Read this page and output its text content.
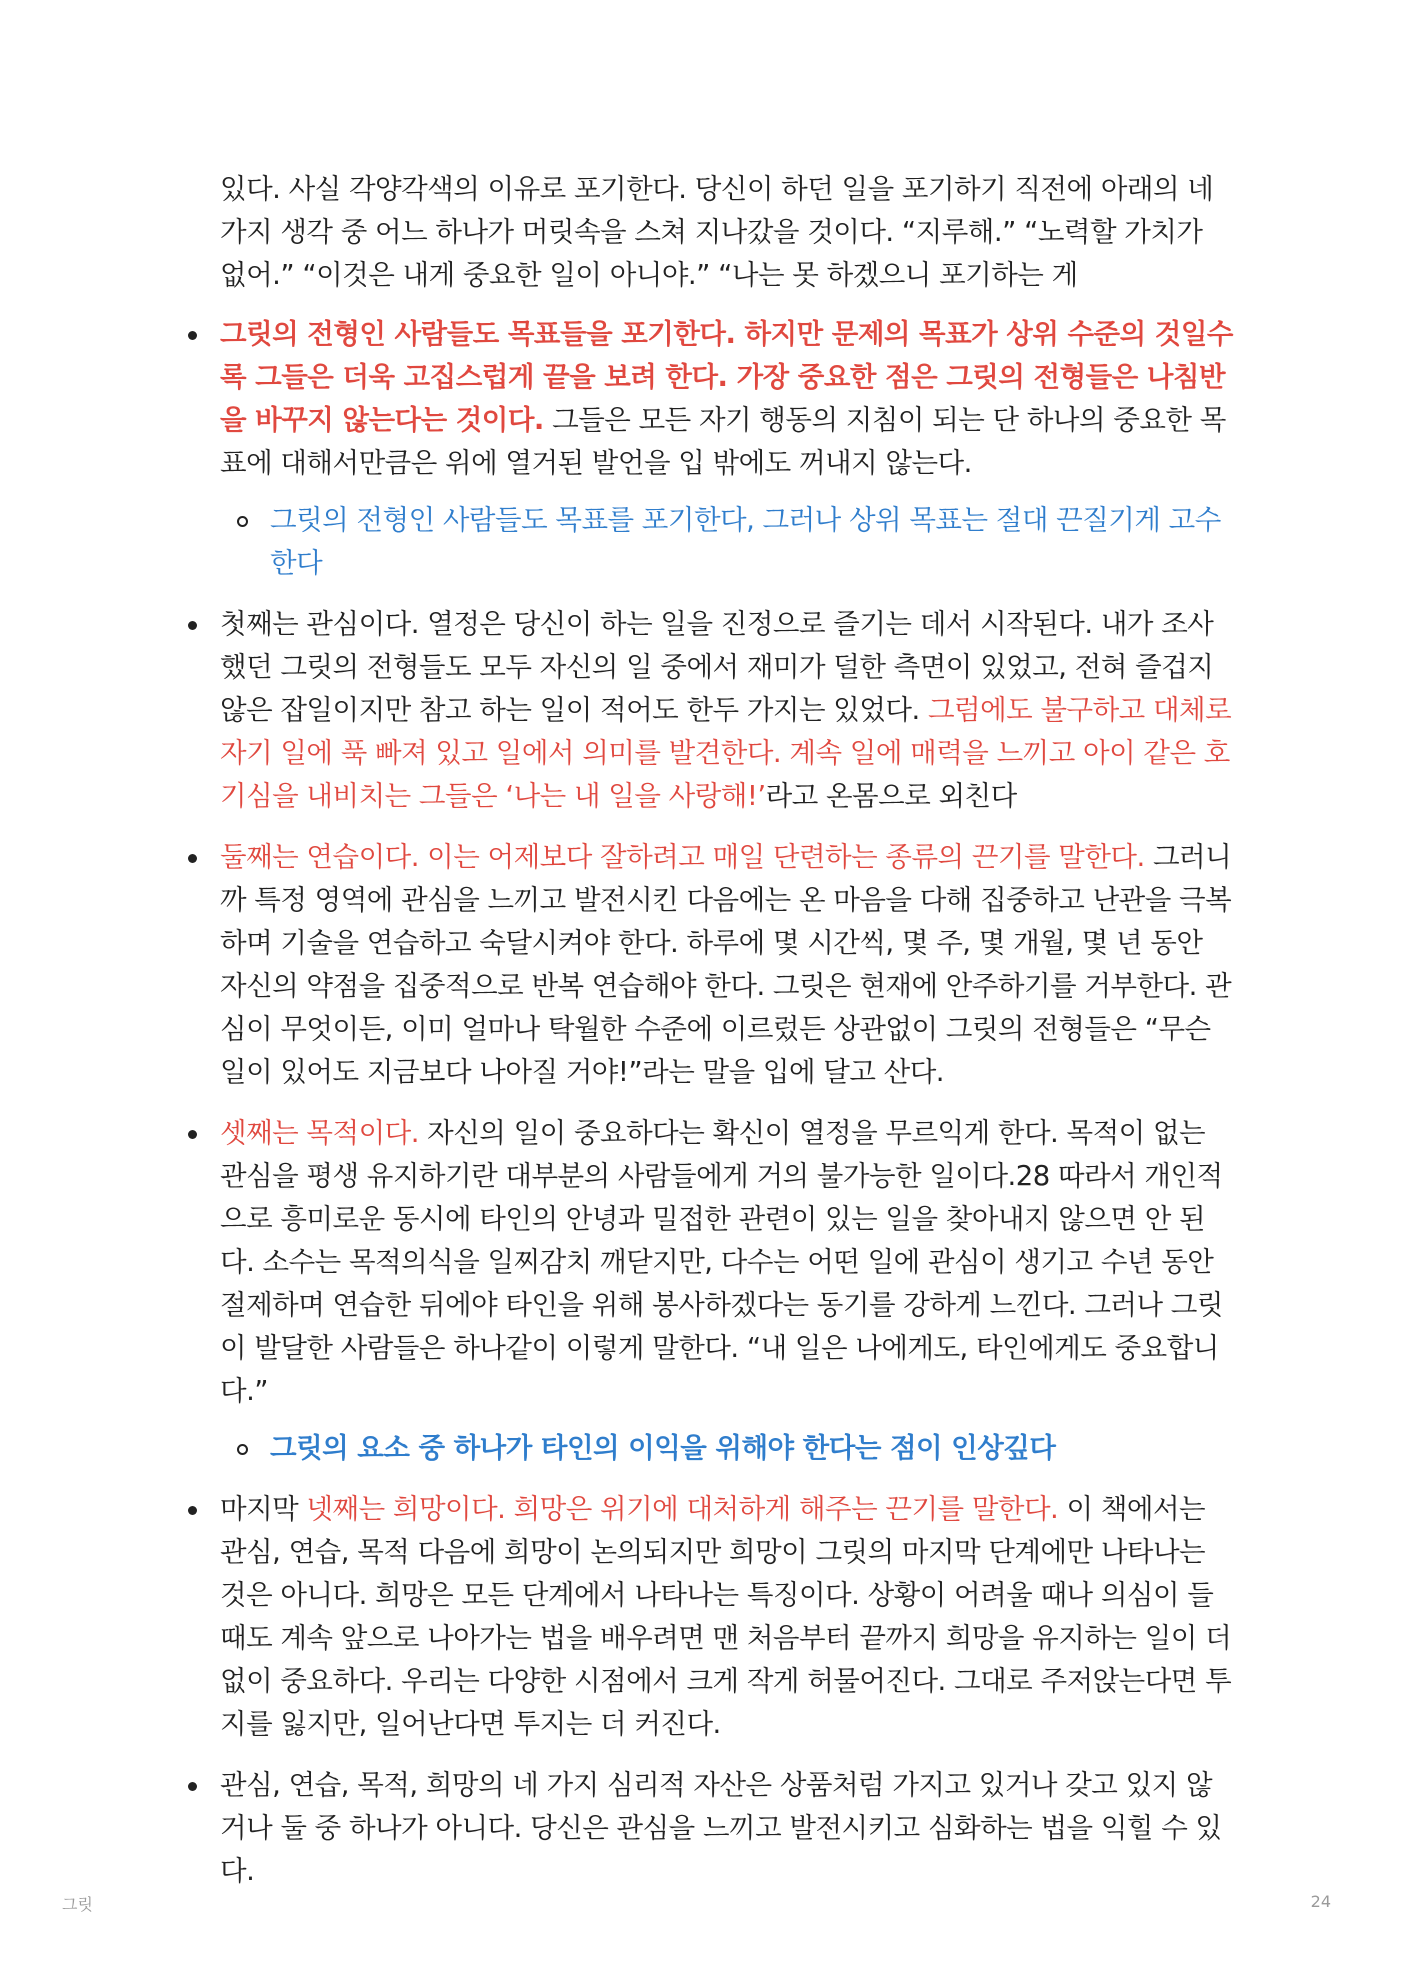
있다. 사실 각양각색의 이유로 포기한다. 당신이 하던 일을 포기하기 직전에 아래의 네 가지 생각 중 어느 하나가 머릿속을 스쳐 지나갔을 것이다. “지루해.” “노력할 가치가 없어.” “이것은 내게 중요한 일이 아니야.” “나는 못 하겠으니 포기하는 게

그릿의 전형인 사람들도 목표들을 포기한다. 하지만 문제의 목표가 상위 수준의 것일수록 그들은 더욱 고집스럽게 끝을 보려 한다. 가장 중요한 점은 그릿의 전형들은 나침반을 바꾸지 않는다는 것이다. 그들은 모든 자기 행동의 지침이 되는 단 하나의 중요한 목표에 대해서만큼은 위에 열거된 발언을 입 밖에도 꺼내지 않는다.
그릿의 전형인 사람들도 목표를 포기한다, 그러나 상위 목표는 절대 끈질기게 고수한다
첫째는 관심이다. 열정은 당신이 하는 일을 진정으로 즐기는 데서 시작된다. 내가 조사했던 그릿의 전형들도 모두 자신의 일 중에서 재미가 덜한 측면이 있었고, 전혀 즐겁지 않은 잡일이지만 참고 하는 일이 적어도 한두 가지는 있었다. 그럼에도 불구하고 대체로 자기 일에 푹 빠져 있고 일에서 의미를 발견한다. 계속 일에 매력을 느끼고 아이 같은 호기심을 내비치는 그들은 ‘나는 내 일을 사랑해!’라고 온몸으로 외친다
둘째는 연습이다. 이는 어제보다 잘하려고 매일 단련하는 종류의 끈기를 말한다. 그러니까 특정 영역에 관심을 느끼고 발전시킨 다음에는 온 마음을 다해 집중하고 난관을 극복하며 기술을 연습하고 숙달시켜야 한다. 하루에 몇 시간씩, 몇 주, 몇 개월, 몇 년 동안 자신의 약점을 집중적으로 반복 연습해야 한다. 그릿은 현재에 안주하기를 거부한다. 관심이 무엇이든, 이미 얼마나 탁월한 수준에 이르렀든 상관없이 그릿의 전형들은 “무슨 일이 있어도 지금보다 나아질 거야!”라는 말을 입에 달고 산다.
셋째는 목적이다. 자신의 일이 중요하다는 확신이 열정을 무르익게 한다. 목적이 없는 관심을 평생 유지하기란 대부분의 사람들에게 거의 불가능한 일이다.28 따라서 개인적으로 흥미로운 동시에 타인의 안녕과 밀접한 관련이 있는 일을 찾아내지 않으면 안 된다. 소수는 목적의식을 일찌감치 깨닫지만, 다수는 어떤 일에 관심이 생기고 수년 동안 절제하며 연습한 뒤에야 타인을 위해 봉사하겠다는 동기를 강하게 느낀다. 그러나 그릿이 발달한 사람들은 하나같이 이렇게 말한다. “내 일은 나에게도, 타인에게도 중요합니다.”
그릿의 요소 중 하나가 타인의 이익을 위해야 한다는 점이 인상깊다
마지막 넷째는 희망이다. 희망은 위기에 대처하게 해주는 끈기를 말한다. 이 책에서는 관심, 연습, 목적 다음에 희망이 논의되지만 희망이 그릿의 마지막 단계에만 나타나는 것은 아니다. 희망은 모든 단계에서 나타나는 특징이다. 상황이 어려울 때나 의심이 들 때도 계속 앞으로 나아가는 법을 배우려면 맨 처음부터 끝까지 희망을 유지하는 일이 더없이 중요하다. 우리는 다양한 시점에서 크게 작게 허물어진다. 그대로 주저앉는다면 투지를 잃지만, 일어난다면 투지는 더 커진다.
관심, 연습, 목적, 희망의 네 가지 심리적 자산은 상품처럼 가지고 있거나 갖고 있지 않거나 둘 중 하나가 아니다. 당신은 관심을 느끼고 발전시키고 심화하는 법을 익힐 수 있다.
그릿	24
